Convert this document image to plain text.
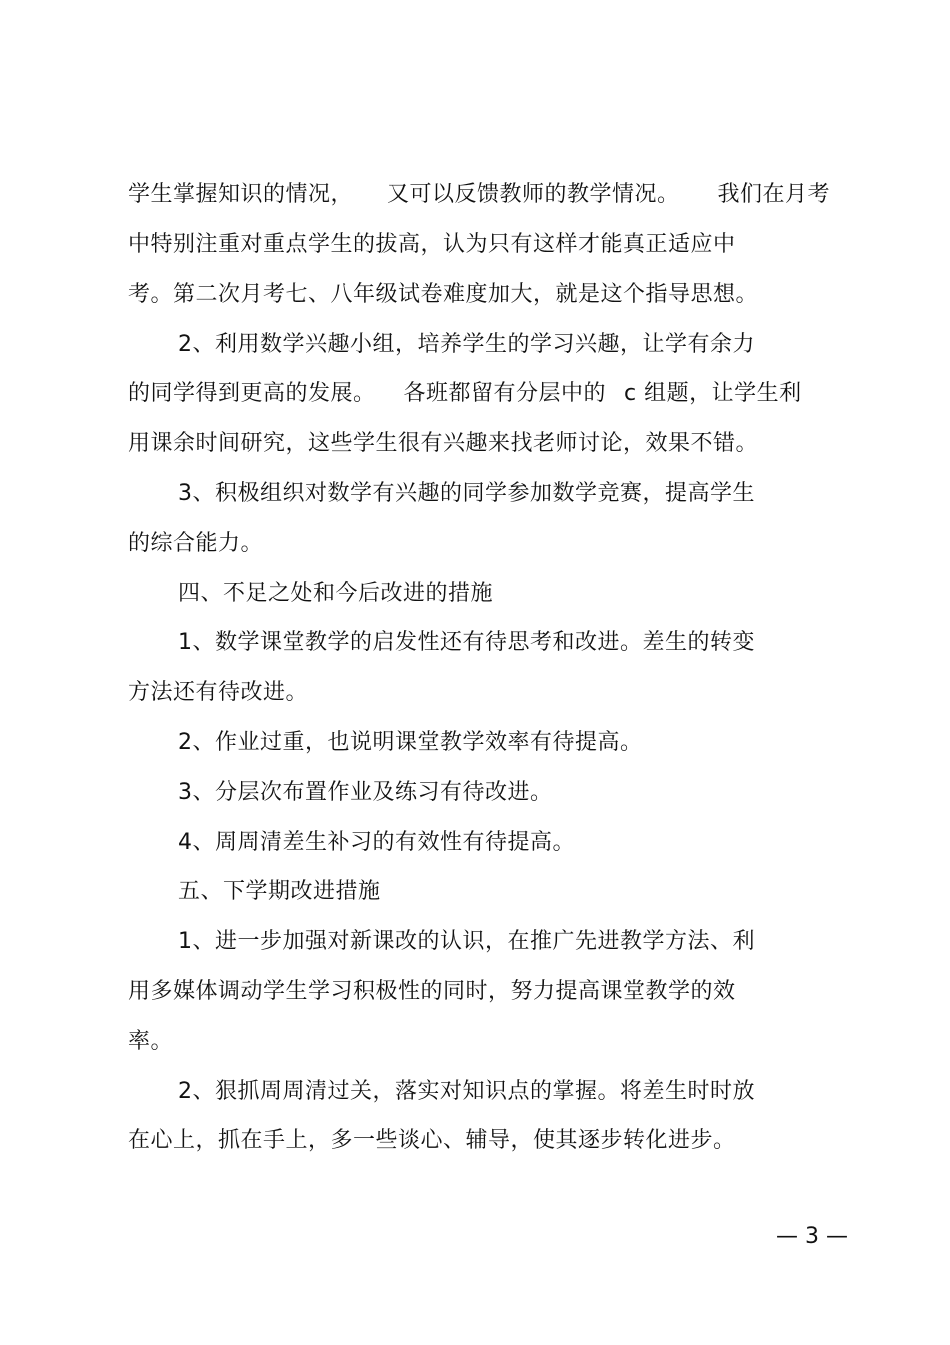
学生掌握知识的情况， 又可以反馈教师的教学情况。 我们在月考
中特别注重对重点学生的拔高，认为只有这样才能真正适应中
考。第二次月考七、八年级试卷难度加大，就是这个指导思想。
2、利用数学兴趣小组，培养学生的学习兴趣，让学有余力
的同学得到更高的发展。 各班都留有分层中的 c 组题，让学生利
用课余时间研究，这些学生很有兴趣来找老师讨论，效果不错。
3、积极组织对数学有兴趣的同学参加数学竞赛，提高学生
的综合能力。
四、不足之处和今后改进的措施
1、数学课堂教学的启发性还有待思考和改进。差生的转变
方法还有待改进。
2、作业过重，也说明课堂教学效率有待提高。
3、分层次布置作业及练习有待改进。
4、周周清差生补习的有效性有待提高。
五、下学期改进措施
1、进一步加强对新课改的认识，在推广先进教学方法、利
用多媒体调动学生学习积极性的同时，努力提高课堂教学的效
率。
2、狠抓周周清过关，落实对知识点的掌握。将差生时时放
在心上，抓在手上，多一些谈心、辅导，使其逐步转化进步。
— 3 —
